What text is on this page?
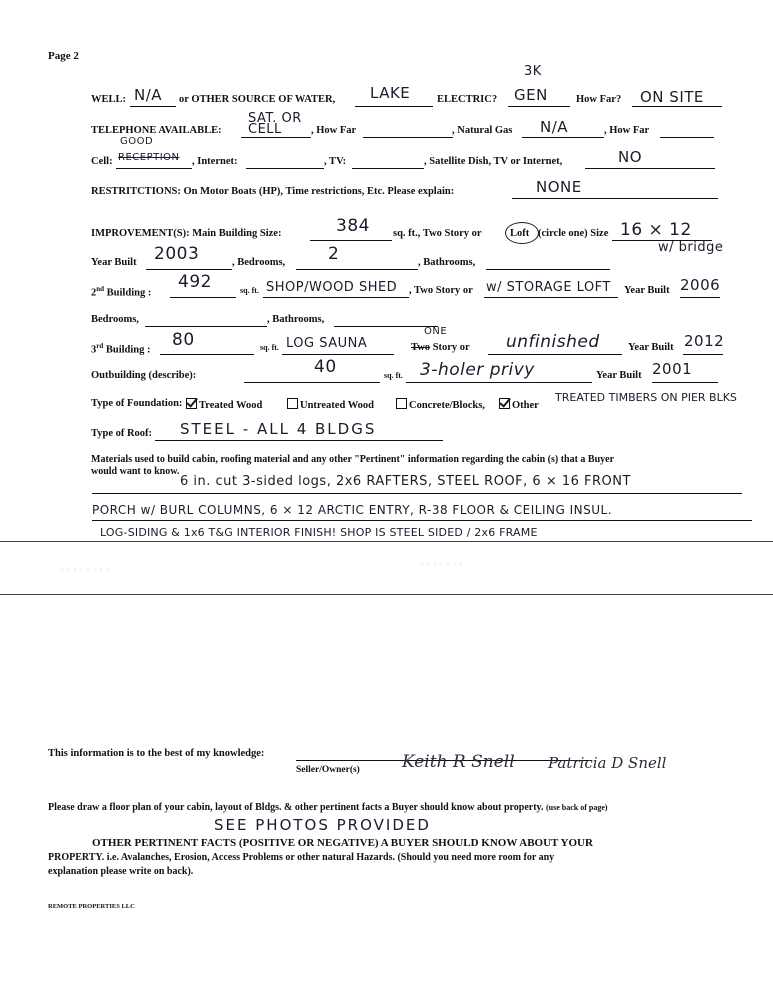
Page 2
WELL: N/A or OTHER SOURCE OF WATER, LAKE	ELECTRIC?
3K
GEN	How Far? ON SITE
TELEPHONE AVAILABLE:
SAT. OR CELL	, How Far	, Natural Gas N/A	, How Far
GOOD
Cell: RECEPTION , Internet:	, TV:	, Satellite Dish, TV or Internet,	NO
RESTRITCTIONS: On Motor Boats (HP), Time restrictions, Etc. Please explain:	NONE
IMPROVEMENT(S): Main Building Size:	384 sq. ft., Two Story or	Loft (circle one) Size 16 × 12
w/ bridge
Year Built 2003	, Bedrooms,	2	, Bathrooms,
2nd Building :
492	sq. ft. SHOP/WOOD SHED , Two Story or w/ STORAGE LOFT Year Built 2006
Bedrooms,	, Bathrooms,
3rd Building : 80	sq. ft. LOG SAUNA
ONE
Two Story or unfinished	Year Built 2012
Outbuilding (describe):	40	sq. ft. 3-holer privy	Year Built 2001
Type of Foundation:	Treated Wood	Untreated Wood	Concrete/Blocks,	Other
TREATED TIMBERS ON PIER BLKS
Type of Roof: STEEL - ALL 4 BLDGS
Materials used to build cabin, roofing material and any other "Pertinent" information regarding the cabin (s) that a Buyer
would want to know.
6 in. cut 3-sided logs, 2x6 RAFTERS, STEEL ROOF, 6 × 16 FRONT
PORCH w/ BURL COLUMNS, 6 × 12 ARCTIC ENTRY, R-38 FLOOR & CEILING INSUL.
LOG-SIDING & 1x6 T&G INTERIOR FINISH! SHOP IS STEEL SIDED / 2x6 FRAME
· · · · · · · ·
· · · · · · ·
This information is to the best of my knowledge:
Seller/Owner(s) Keith R Snell Patricia D Snell
Please draw a floor plan of your cabin, layout of Bldgs. & other pertinent facts a Buyer should know about property. (use back of page)
SEE PHOTOS PROVIDED
OTHER PERTINENT FACTS (POSITIVE OR NEGATIVE) A BUYER SHOULD KNOW ABOUT YOUR
PROPERTY. i.e. Avalanches, Erosion, Access Problems or other natural Hazards. (Should you need more room for any
explanation please write on back).
REMOTE PROPERTIES LLC
